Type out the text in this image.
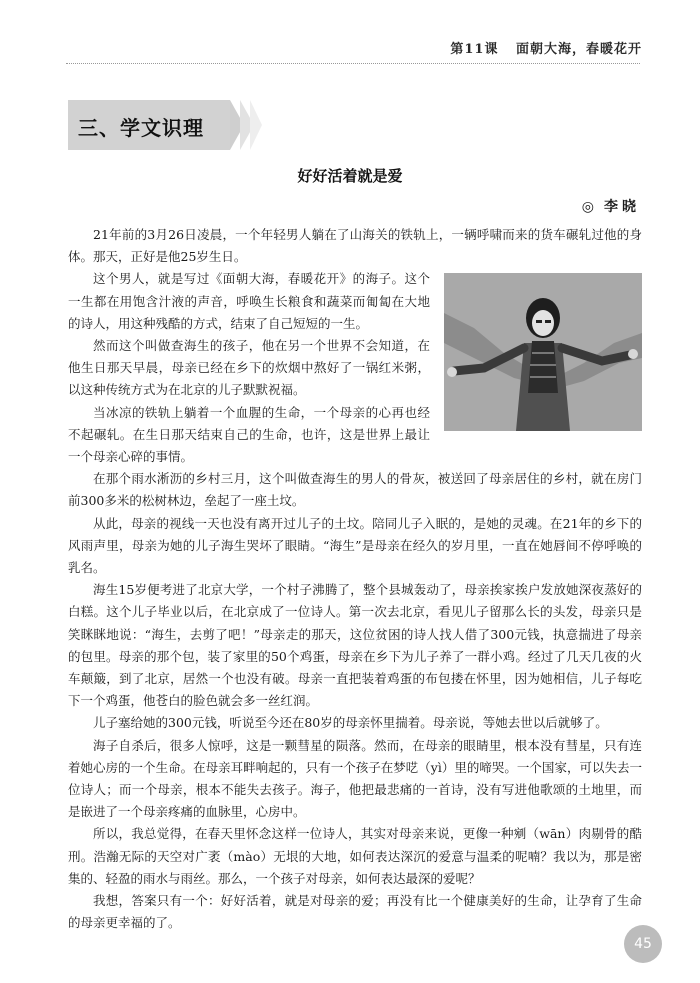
第11课 面朝大海，春暖花开
三、学文识理
好好活着就是爱
◎ 李晓

21年前的3月26日凌晨，一个年轻男人躺在了山海关的铁轨上，一辆呼啸而来的货车碾轧过他的身体。那天，正好是他25岁生日。

这个男人，就是写过《面朝大海，春暖花开》的海子。这个一生都在用饱含汁液的声音，呼唤生长粮食和蔬菜而匍匐在大地的诗人，用这种残酷的方式，结束了自己短短的一生。

然而这个叫做查海生的孩子，他在另一个世界不会知道，在他生日那天早晨，母亲已经在乡下的炊烟中熬好了一锅红米粥，以这种传统方式为在北京的儿子默默祝福。

当冰凉的铁轨上躺着一个血腥的生命，一个母亲的心再也经不起碾轧。在生日那天结束自己的生命，也许，这是世界上最让一个母亲心碎的事情。

在那个雨水淅沥的乡村三月，这个叫做查海生的男人的骨灰，被送回了母亲居住的乡村，就在房门前300多米的松树林边，垒起了一座土坟。

从此，母亲的视线一天也没有离开过儿子的土坟。陪同儿子入眠的，是她的灵魂。在21年的乡下的风雨声里，母亲为她的儿子海生哭坏了眼睛。“海生”是母亲在经久的岁月里，一直在她唇间不停呼唤的乳名。

海生15岁便考进了北京大学，一个村子沸腾了，整个县城轰动了，母亲挨家挨户发放她深夜蒸好的白糕。这个儿子毕业以后，在北京成了一位诗人。第一次去北京，看见儿子留那么长的头发，母亲只是笑眯眯地说：“海生，去剪了吧！”母亲走的那天，这位贫困的诗人找人借了300元钱，执意揣进了母亲的包里。母亲的那个包，装了家里的50个鸡蛋，母亲在乡下为儿子养了一群小鸡。经过了几天几夜的火车颠簸，到了北京，居然一个也没有破。母亲一直把装着鸡蛋的布包搂在怀里，因为她相信，儿子每吃下一个鸡蛋，他苍白的脸色就会多一丝红润。

儿子塞给她的300元钱，听说至今还在80岁的母亲怀里揣着。母亲说，等她去世以后就够了。

海子自杀后，很多人惊呼，这是一颗彗星的陨落。然而，在母亲的眼睛里，根本没有彗星，只有连着她心房的一个生命。在母亲耳畔响起的，只有一个孩子在梦呓（yì）里的啼哭。一个国家，可以失去一位诗人；而一个母亲，根本不能失去孩子。海子，他把最悲痛的一首诗，没有写进他歌颂的土地里，而是嵌进了一个母亲疼痛的血脉里，心房中。

所以，我总觉得，在春天里怀念这样一位诗人，其实对母亲来说，更像一种剜（wān）肉剔骨的酷刑。浩瀚无际的天空对广袤（mào）无垠的大地，如何表达深沉的爱意与温柔的呢喃？我以为，那是密集的、轻盈的雨水与雨丝。那么，一个孩子对母亲，如何表达最深的爱呢？

我想，答案只有一个：好好活着，就是对母亲的爱；再没有比一个健康美好的生命，让孕育了生命的母亲更幸福的了。

45
